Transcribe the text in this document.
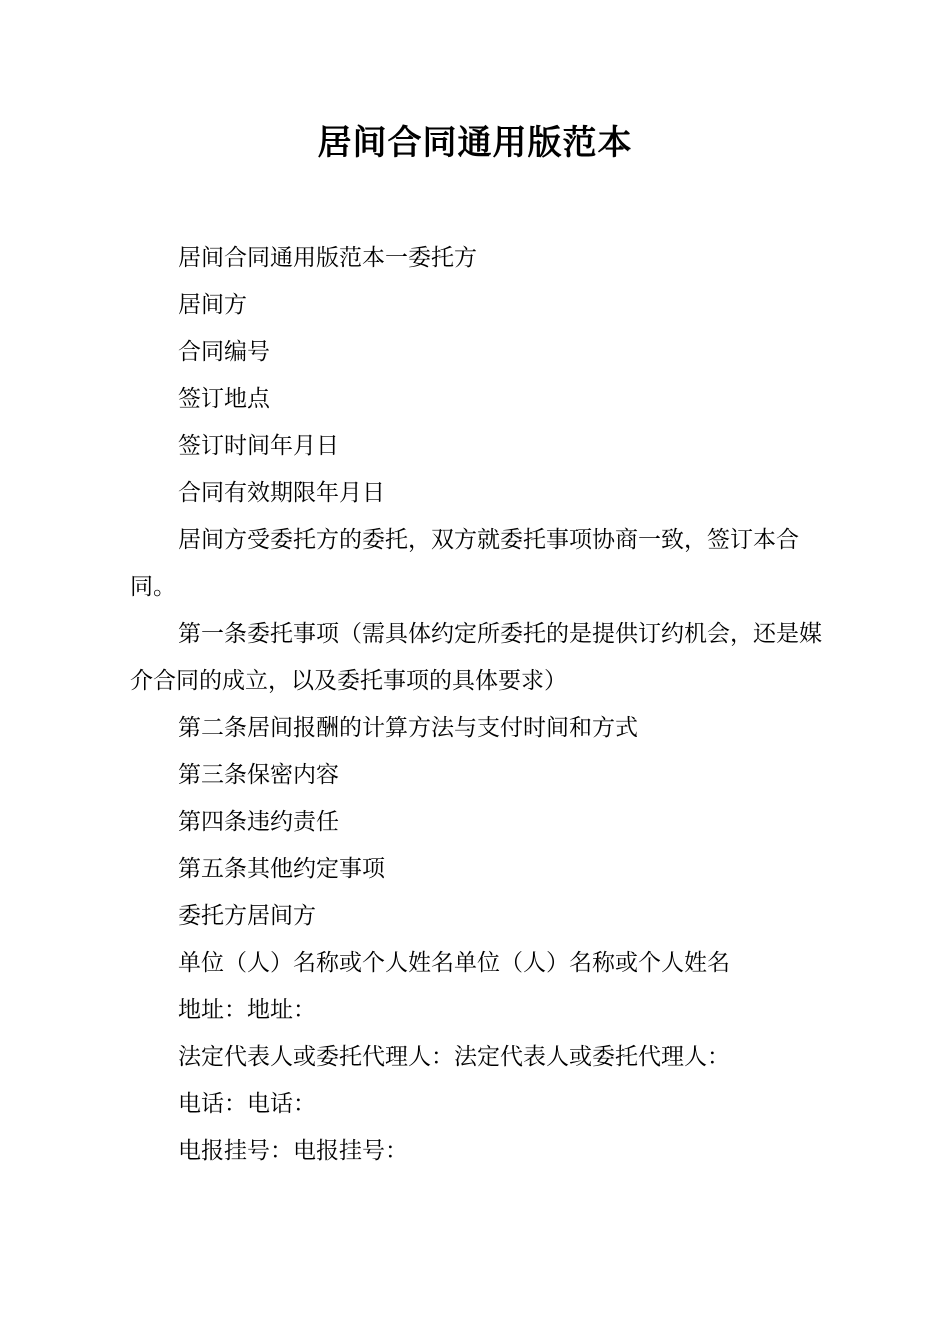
居间合同通用版范本

居间合同通用版范本一委托方

居间方

合同编号

签订地点

签订时间年月日

合同有效期限年月日

居间方受委托方的委托，双方就委托事项协商一致，签订本合同。

第一条委托事项（需具体约定所委托的是提供订约机会，还是媒介合同的成立，以及委托事项的具体要求）

第二条居间报酬的计算方法与支付时间和方式

第三条保密内容

第四条违约责任

第五条其他约定事项

委托方居间方

单位（人）名称或个人姓名单位（人）名称或个人姓名

地址：地址：

法定代表人或委托代理人：法定代表人或委托代理人：

电话：电话：

电报挂号：电报挂号：
